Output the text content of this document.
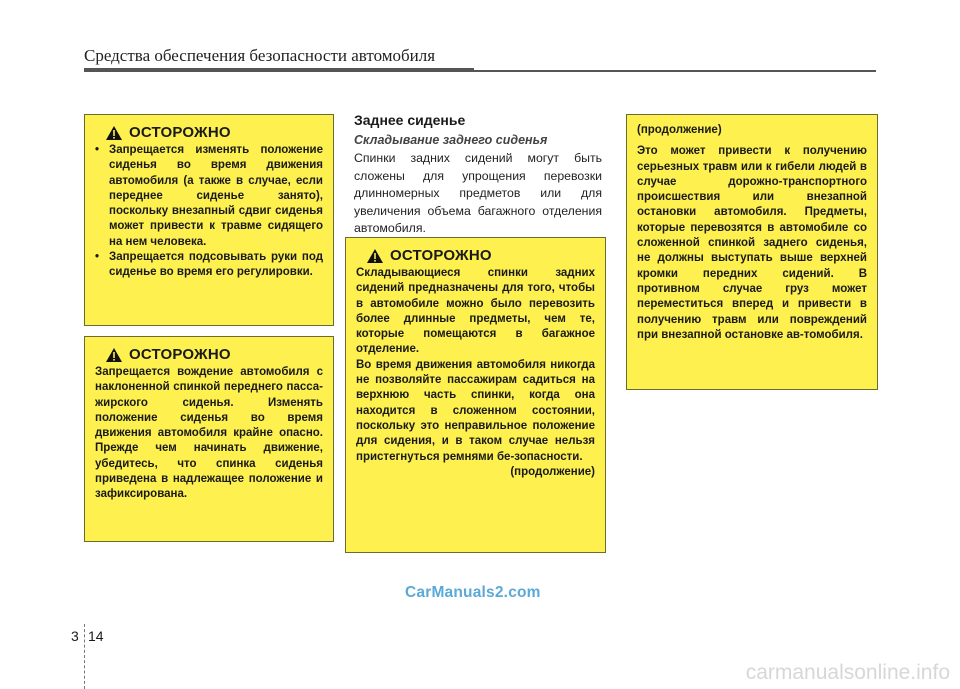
Средства обеспечения безопасности автомобиля
ОСТОРОЖНО
• Запрещается изменять положение сиденья во время движения автомобиля (а также в случае, если переднее сиденье занято), поскольку внезапный сдвиг сиденья может привести к травме сидящего на нем человека.
• Запрещается подсовывать руки под сиденье во время его регулировки.
ОСТОРОЖНО
Запрещается вождение автомобиля с наклоненной спинкой переднего пасса-жирского сиденья. Изменять положение сиденья во время движения автомобиля крайне опасно. Прежде чем начинать движение, убедитесь, что спинка сиденья приведена в надлежащее положение и зафиксирована.
Заднее сиденье
Складывание заднего сиденья
Спинки задних сидений могут быть сложены для упрощения перевозки длинномерных предметов или для увеличения объема багажного отделения автомобиля.
ОСТОРОЖНО
Складывающиеся спинки задних сидений предназначены для того, чтобы в автомобиле можно было перевозить более длинные предметы, чем те, которые помещаются в багажное отделение.
Во время движения автомобиля никогда не позволяйте пассажирам садиться на верхнюю часть спинки, когда она находится в сложенном состоянии, поскольку это неправильное положение для сидения, и в таком случае нельзя пристегнуться ремнями бе-зопасности.
(продолжение)
(продолжение)
Это может привести к получению серьезных травм или к гибели людей в случае дорожно-транспортного происшествия или внезапной остановки автомобиля. Предметы, которые перевозятся в автомобиле со сложенной спинкой заднего сиденья, не должны выступать выше верхней кромки передних сидений. В противном случае груз может переместиться вперед и привести в получению травм или повреждений при внезапной остановке ав-томобиля.
CarManuals2.com
3 14
carmanualsonline.info
